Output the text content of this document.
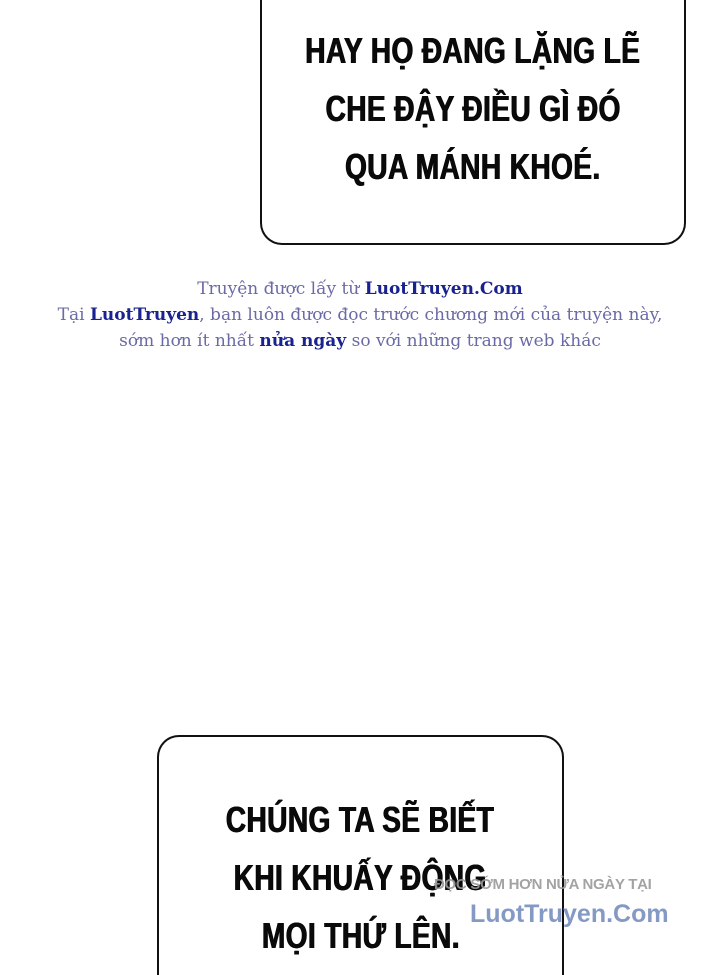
HAY HỌ ĐANG LẶNG LẼ
CHE ĐẬY ĐIỀU GÌ ĐÓ
QUA MÁNH KHOÉ.
Truyện được lấy từ LuotTruyen.Com
Tại LuotTruyen, bạn luôn được đọc trước chương mới của truyện này,
sớm hơn ít nhất nửa ngày so với những trang web khác
CHÚNG TA SẼ BIẾT
KHI KHUẤY ĐỘNG
MỌI THỨ LÊN.
ĐỌC SỚM HƠN NỬA NGÀY TẠI
LuotTruyen.Com
